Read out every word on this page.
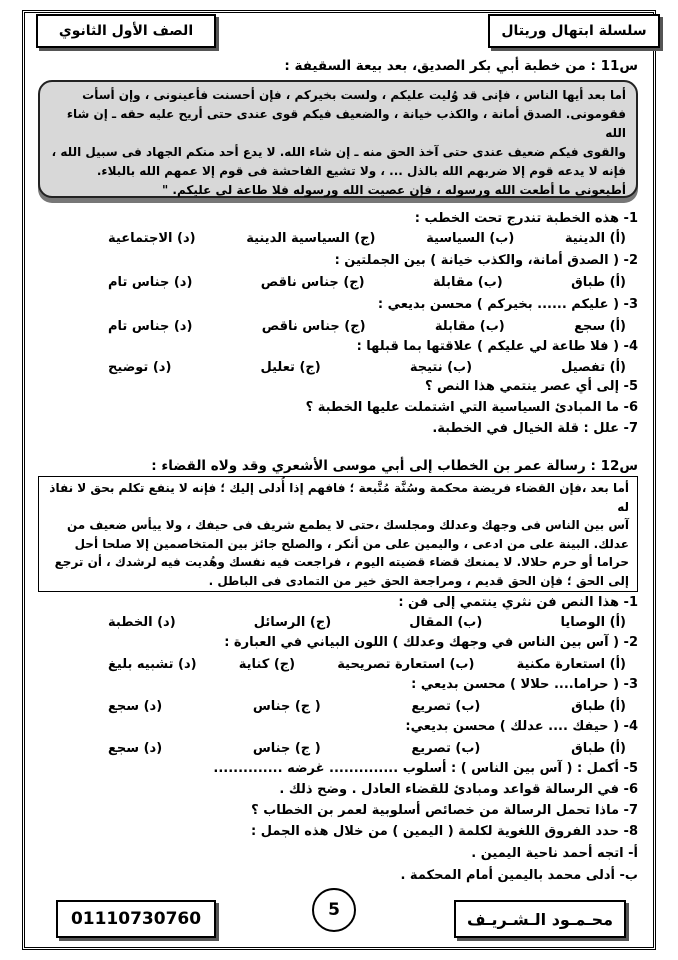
سلسلة ابتهال وريتال
الصف الأول الثانوي
س11 : من خطبة أبي بكر الصديق، بعد بيعة السقيفة :
أما بعد أيها الناس ، فإنى قد وُليت عليكم ، ولست بخيركم ، فإن أحسنت فأعينونى ، وإن أسأت
فقومونى. الصدق أمانة ، والكذب خيانة ، والضعيف فيكم قوى عندى حتى أريح عليه حقه ـ إن شاء الله
والقوى فيكم ضعيف عندى حتى آخذ الحق منه ـ إن شاء الله. لا يدع أحد منكم الجهاد فى سبيل الله ،
فإنه لا يدعه قوم إلا ضربهم الله بالذل ... ، ولا تشيع الفاحشة فى قوم إلا عمهم الله بالبلاء.
أطيعونى ما أطعت الله ورسوله ، فإن عصيت الله ورسوله فلا طاعة لى عليكم. "
1- هذه الخطبة تندرج تحت الخطب :
(أ) الدينية
(ب) السياسية
(ج) السياسية الدينية
(د) الاجتماعية
2- ( الصدق أمانة، والكذب خيانة ) بين الجملتين :
(أ) طباق
(ب) مقابلة
(ج) جناس ناقص
(د) جناس تام
3- ( عليكم ...... بخيركم ) محسن بديعي :
(أ) سجع
(ب) مقابلة
(ج) جناس ناقص
(د) جناس تام
4- ( فلا طاعة لي عليكم ) علاقتها بما قبلها :
(أ) تفصيل
(ب) نتيجة
(ج) تعليل
(د) توضيح
5- إلى أي عصر ينتمي هذا النص ؟
6- ما المبادئ السياسية التي اشتملت عليها الخطبة ؟
7- علل : قلة الخيال في الخطبة.
س12 : رسالة عمر بن الخطاب إلى أبي موسى الأشعري وقد ولاه القضاء :
أما بعد ،فإن القضاء فريضة محكمة وسُنَّة مُتَّبعة ؛ فافهم إذا أُدلى إليك ؛ فإنه لا ينفع تكلم بحق لا نفاذ له
آس بين الناس فى وجهك وعدلك ومجلسك ،حتى لا يطمع شريف فى حيفك ، ولا ييأس ضعيف من
عدلك. البينة على من ادعى ، واليمين على من أنكر ، والصلح جائز بين المتخاصمين إلا صلحا أحل
حراما أو حرم حلالا. لا يمنعك قضاء قضيته اليوم ، فراجعت فيه نفسك وهُديت فيه لرشدك ، أن ترجع
إلى الحق ؛ فإن الحق قديم ، ومراجعة الحق خير من التمادى فى الباطل .
1- هذا النص فن نثري ينتمي إلى فن :
(أ) الوصايا
(ب) المقال
(ج) الرسائل
(د) الخطبة
2- ( آس بين الناس في وجهك وعدلك ) اللون البياني في العبارة :
(أ) استعارة مكنية
(ب) استعارة تصريحية
(ج) كناية
(د) تشبيه بليغ
3- ( حراما.... حلالا ) محسن بديعي :
(أ) طباق
(ب) تصريع
( ج) جناس
(د) سجع
4- ( حيفك .... عدلك ) محسن بديعي:
(أ) طباق
(ب) تصريع
( ج) جناس
(د) سجع
5- أكمل : ( آس بين الناس ) : أسلوب .............. غرضه ..............
6- في الرسالة قواعد ومبادئ للقضاء العادل . وضح ذلك .
7- ماذا تحمل الرسالة من خصائص أسلوبية لعمر بن الخطاب ؟
8- حدد الفروق اللغوية لكلمة ( اليمين ) من خلال هذه الجمل :
أ- اتجه أحمد ناحية اليمين .
ب- أدلى محمد باليمين أمام المحكمة .
محـمـود الـشـريـف
5
01110730760
